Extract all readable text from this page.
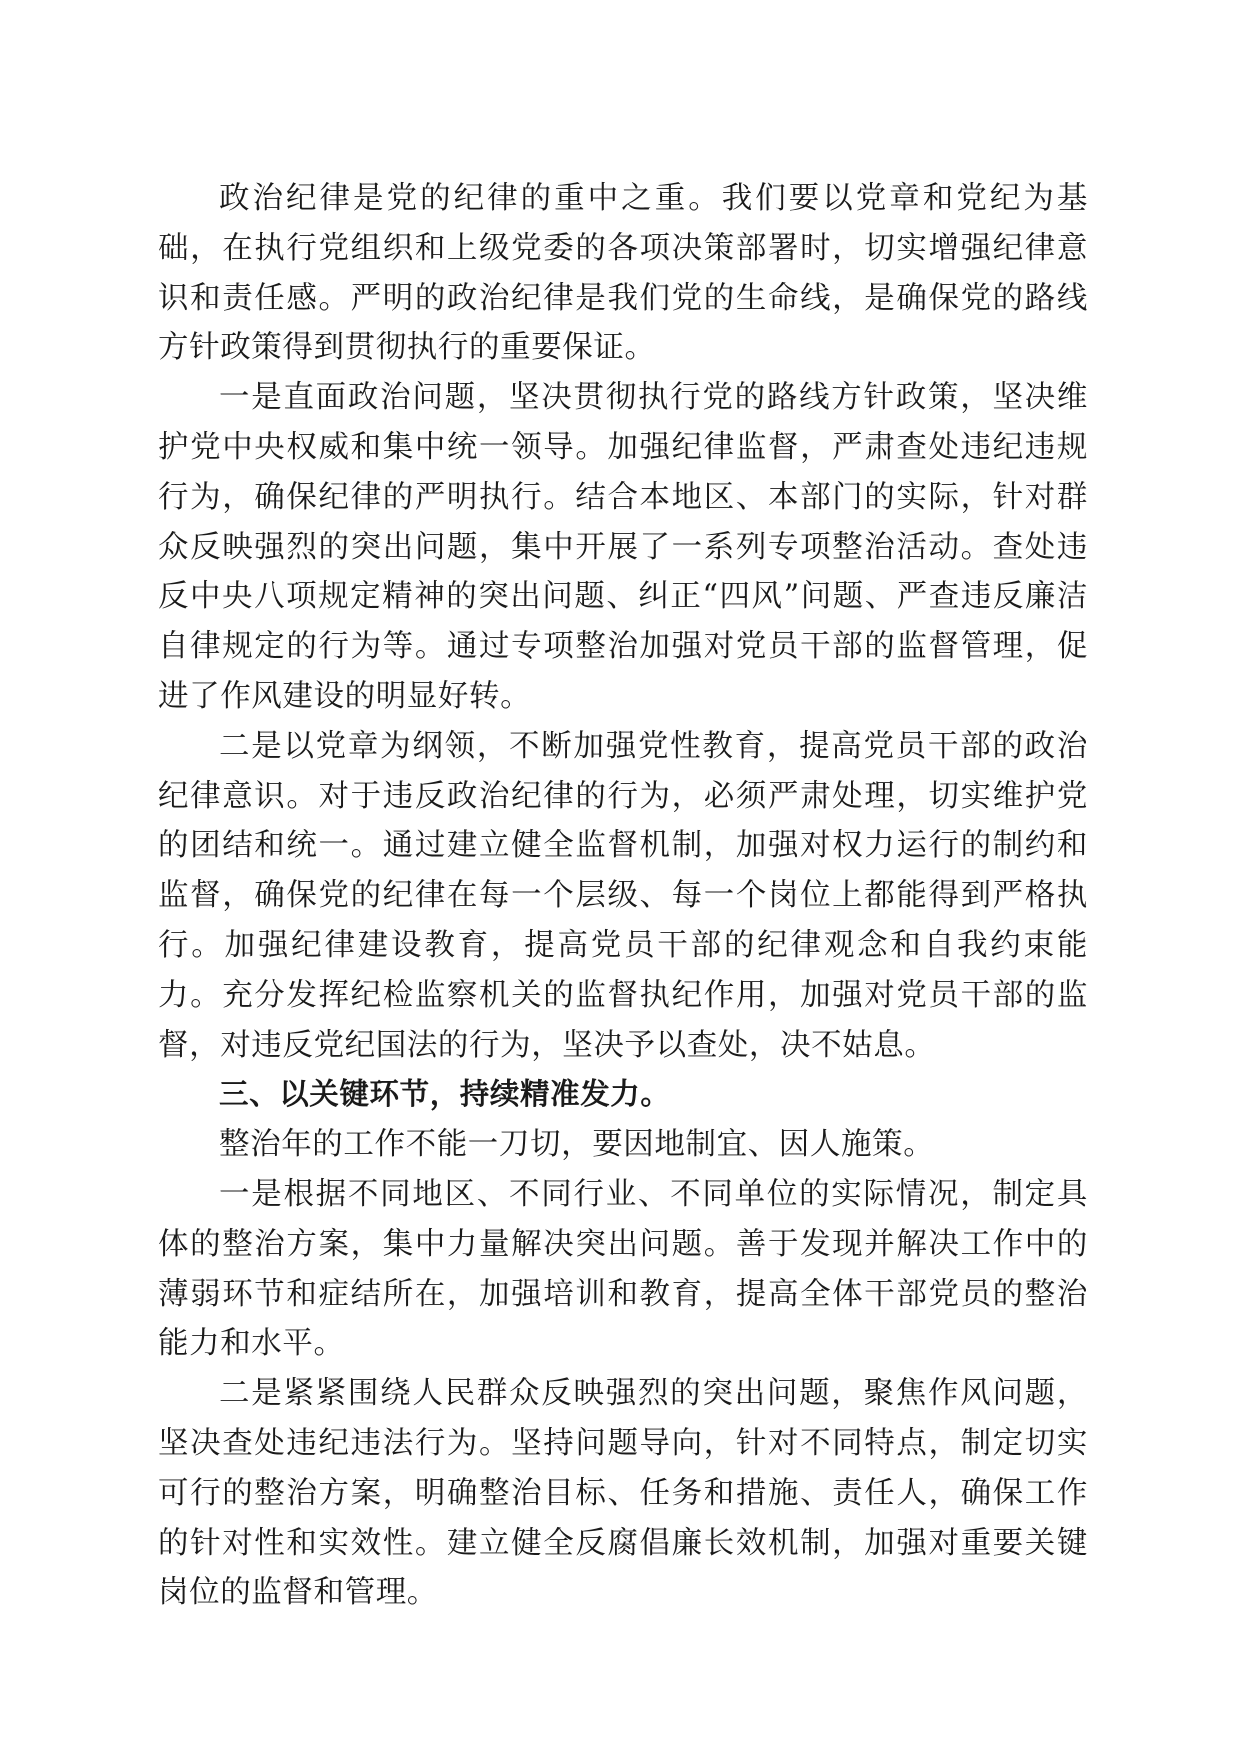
政治纪律是党的纪律的重中之重。我们要以党章和党纪为基础，在执行党组织和上级党委的各项决策部署时，切实增强纪律意识和责任感。严明的政治纪律是我们党的生命线，是确保党的路线方针政策得到贯彻执行的重要保证。

一是直面政治问题，坚决贯彻执行党的路线方针政策，坚决维护党中央权威和集中统一领导。加强纪律监督，严肃查处违纪违规行为，确保纪律的严明执行。结合本地区、本部门的实际，针对群众反映强烈的突出问题，集中开展了一系列专项整治活动。查处违反中央八项规定精神的突出问题、纠正“四风”问题、严查违反廉洁自律规定的行为等。通过专项整治加强对党员干部的监督管理，促进了作风建设的明显好转。

二是以党章为纲领，不断加强党性教育，提高党员干部的政治纪律意识。对于违反政治纪律的行为，必须严肃处理，切实维护党的团结和统一。通过建立健全监督机制，加强对权力运行的制约和监督，确保党的纪律在每一个层级、每一个岗位上都能得到严格执行。加强纪律建设教育，提高党员干部的纪律观念和自我约束能力。充分发挥纪检监察机关的监督执纪作用，加强对党员干部的监督，对违反党纪国法的行为，坚决予以查处，决不姑息。

三、以关键环节，持续精准发力。

整治年的工作不能一刀切，要因地制宜、因人施策。

一是根据不同地区、不同行业、不同单位的实际情况，制定具体的整治方案，集中力量解决突出问题。善于发现并解决工作中的薄弱环节和症结所在，加强培训和教育，提高全体干部党员的整治能力和水平。

二是紧紧围绕人民群众反映强烈的突出问题，聚焦作风问题，坚决查处违纪违法行为。坚持问题导向，针对不同特点，制定切实可行的整治方案，明确整治目标、任务和措施、责任人，确保工作的针对性和实效性。建立健全反腐倡廉长效机制，加强对重要关键岗位的监督和管理。
